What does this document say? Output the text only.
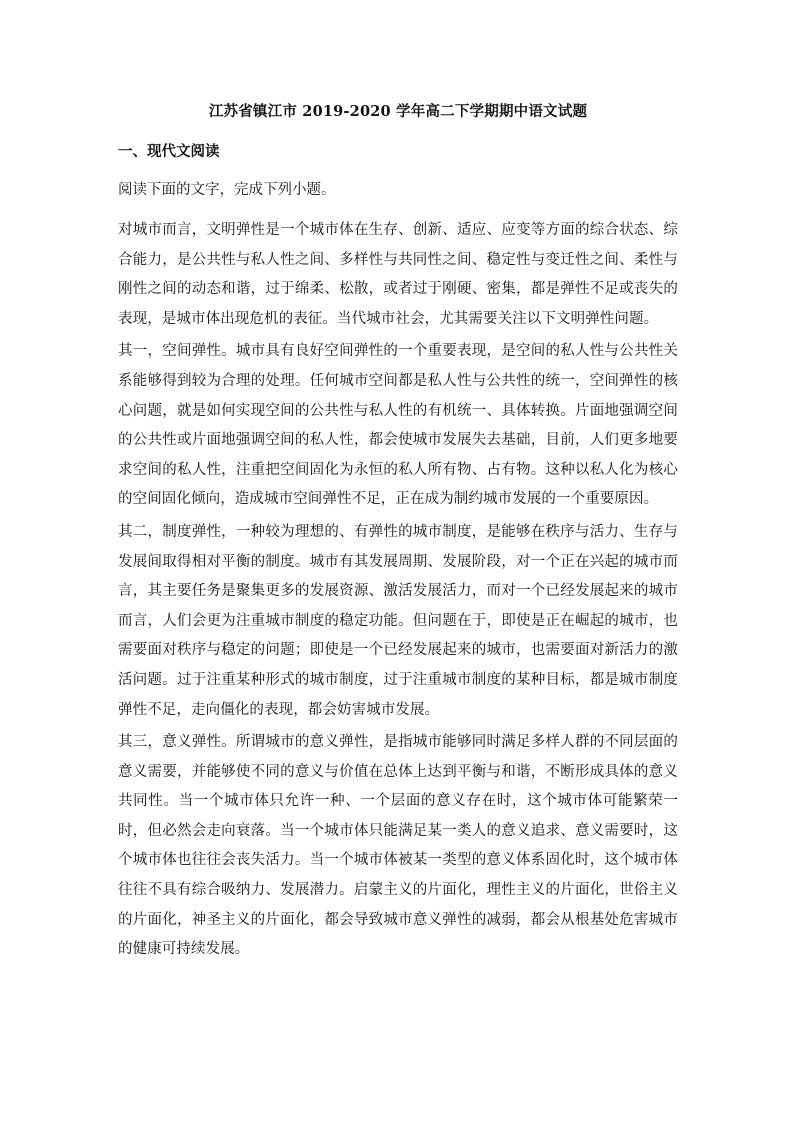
江苏省镇江市 2019-2020 学年高二下学期期中语文试题
一、现代文阅读
阅读下面的文字，完成下列小题。

对城市而言，文明弹性是一个城市体在生存、创新、适应、应变等方面的综合状态、综合能力，是公共性与私人性之间、多样性与共同性之间、稳定性与变迁性之间、柔性与刚性之间的动态和谐，过于绵柔、松散，或者过于刚硬、密集，都是弹性不足或丧失的表现，是城市体出现危机的表征。当代城市社会，尤其需要关注以下文明弹性问题。

其一，空间弹性。城市具有良好空间弹性的一个重要表现，是空间的私人性与公共性关系能够得到较为合理的处理。任何城市空间都是私人性与公共性的统一，空间弹性的核心问题，就是如何实现空间的公共性与私人性的有机统一、具体转换。片面地强调空间的公共性或片面地强调空间的私人性，都会使城市发展失去基础，目前，人们更多地要求空间的私人性，注重把空间固化为永恒的私人所有物、占有物。这种以私人化为核心的空间固化倾向，造成城市空间弹性不足，正在成为制约城市发展的一个重要原因。

其二，制度弹性，一种较为理想的、有弹性的城市制度，是能够在秩序与活力、生存与发展间取得相对平衡的制度。城市有其发展周期、发展阶段，对一个正在兴起的城市而言，其主要任务是聚集更多的发展资源、激活发展活力，而对一个已经发展起来的城市而言，人们会更为注重城市制度的稳定功能。但问题在于，即使是正在崛起的城市，也需要面对秩序与稳定的问题；即使是一个已经发展起来的城市，也需要面对新活力的激活问题。过于注重某种形式的城市制度，过于注重城市制度的某种目标，都是城市制度弹性不足，走向僵化的表现，都会妨害城市发展。

其三，意义弹性。所谓城市的意义弹性，是指城市能够同时满足多样人群的不同层面的意义需要，并能够使不同的意义与价值在总体上达到平衡与和谐，不断形成具体的意义共同性。当一个城市体只允许一种、一个层面的意义存在时，这个城市体可能繁荣一时，但必然会走向衰落。当一个城市体只能满足某一类人的意义追求、意义需要时，这个城市体也往往会丧失活力。当一个城市体被某一类型的意义体系固化时，这个城市体往往不具有综合吸纳力、发展潜力。启蒙主义的片面化，理性主义的片面化，世俗主义的片面化，神圣主义的片面化，都会导致城市意义弹性的减弱，都会从根基处危害城市的健康可持续发展。
